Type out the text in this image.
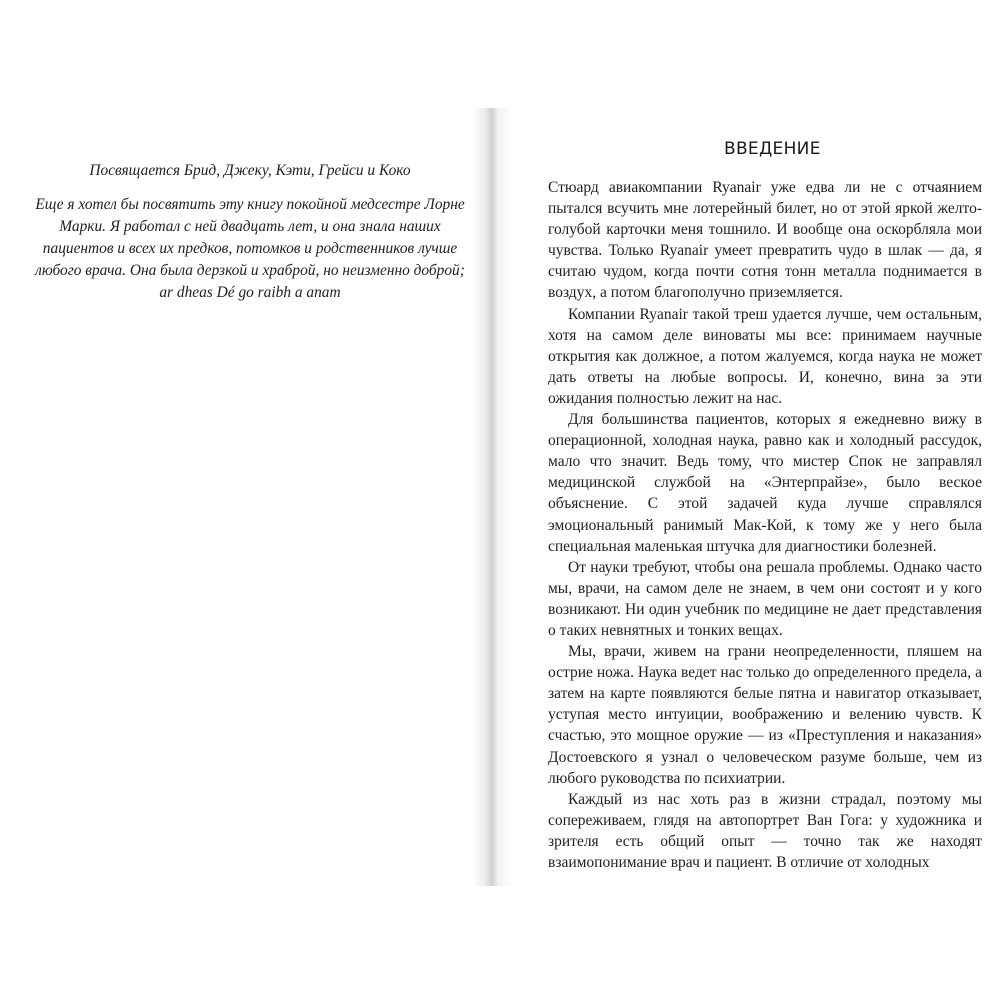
Посвящается Брид, Джеку, Кэти, Грейси и Коко

Еще я хотел бы посвятить эту книгу покойной медсестре Лорне Марки. Я работал с ней двадцать лет, и она знала наших пациентов и всех их предков, потомков и родственников лучше любого врача. Она была дерзкой и храброй, но неизменно доброй; ar dheas Dé go raibh a anam

ВВЕДЕНИЕ

Стюард авиакомпании Ryanair уже едва ли не с отчаянием пытался всучить мне лотерейный билет, но от этой яркой желто-голубой карточки меня тошнило. И вообще она оскорбляла мои чувства. Только Ryanair умеет превратить чудо в шлак — да, я считаю чудом, когда почти сотня тонн металла поднимается в воздух, а потом благополучно приземляется.

Компании Ryanair такой треш удается лучше, чем остальным, хотя на самом деле виноваты мы все: принимаем научные открытия как должное, а потом жалуемся, когда наука не может дать ответы на любые вопросы. И, конечно, вина за эти ожидания полностью лежит на нас.

Для большинства пациентов, которых я ежедневно вижу в операционной, холодная наука, равно как и холодный рассудок, мало что значит. Ведь тому, что мистер Спок не заправлял медицинской службой на «Энтерпрайзе», было веское объяснение. С этой задачей куда лучше справлялся эмоциональный ранимый Мак-Кой, к тому же у него была специальная маленькая штучка для диагностики болезней.

От науки требуют, чтобы она решала проблемы. Однако часто мы, врачи, на самом деле не знаем, в чем они состоят и у кого возникают. Ни один учебник по медицине не дает представления о таких невнятных и тонких вещах.

Мы, врачи, живем на грани неопределенности, пляшем на острие ножа. Наука ведет нас только до определенного предела, а затем на карте появляются белые пятна и навигатор отказывает, уступая место интуиции, воображению и велению чувств. К счастью, это мощное оружие — из «Преступления и наказания» Достоевского я узнал о человеческом разуме больше, чем из любого руководства по психиатрии.

Каждый из нас хоть раз в жизни страдал, поэтому мы сопереживаем, глядя на автопортрет Ван Гога: у художника и зрителя есть общий опыт — точно так же находят взаимопонимание врач и пациент. В отличие от холодных
